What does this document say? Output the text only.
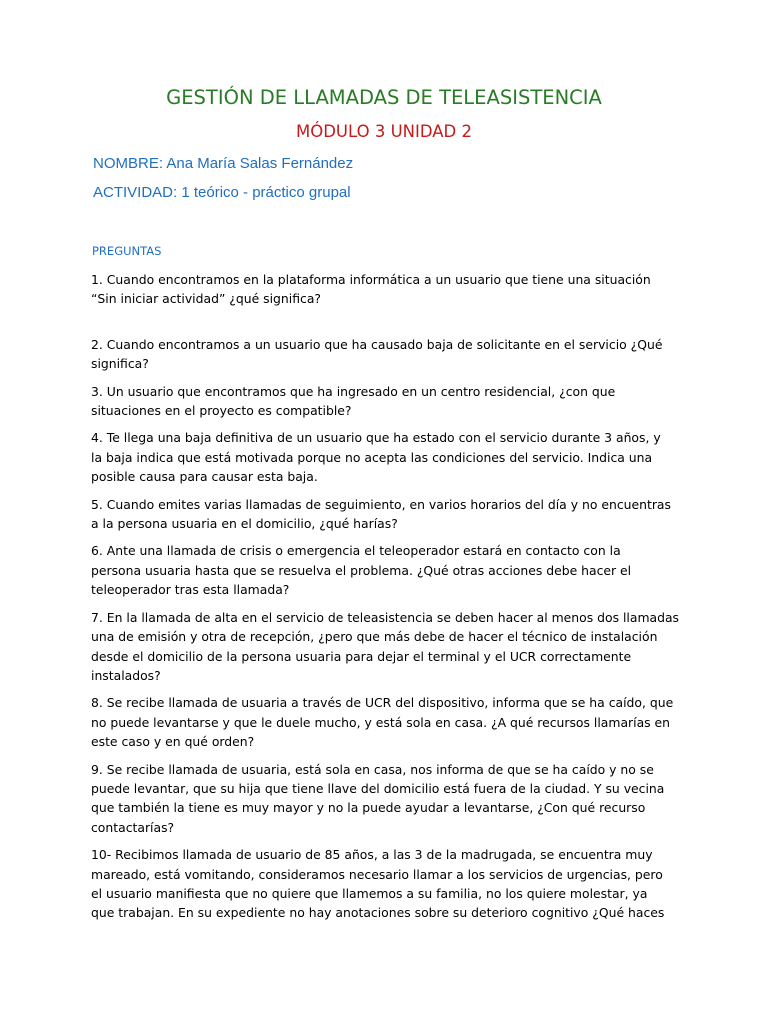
GESTIÓN DE LLAMADAS DE TELEASISTENCIA
MÓDULO 3 UNIDAD 2
NOMBRE: Ana María Salas Fernández
ACTIVIDAD: 1 teórico - práctico grupal
PREGUNTAS

1. Cuando encontramos en la plataforma informática a un usuario que tiene una situación
“Sin iniciar actividad” ¿qué significa?

2. Cuando encontramos a un usuario que ha causado baja de solicitante en el servicio ¿Qué
significa?

3. Un usuario que encontramos que ha ingresado en un centro residencial, ¿con que
situaciones en el proyecto es compatible?

4. Te llega una baja definitiva de un usuario que ha estado con el servicio durante 3 años, y
la baja indica que está motivada porque no acepta las condiciones del servicio. Indica una
posible causa para causar esta baja.

5. Cuando emites varias llamadas de seguimiento, en varios horarios del día y no encuentras
a la persona usuaria en el domicilio, ¿qué harías?

6. Ante una llamada de crisis o emergencia el teleoperador estará en contacto con la
persona usuaria hasta que se resuelva el problema. ¿Qué otras acciones debe hacer el
teleoperador tras esta llamada?

7. En la llamada de alta en el servicio de teleasistencia se deben hacer al menos dos llamadas
una de emisión y otra de recepción, ¿pero que más debe de hacer el técnico de instalación
desde el domicilio de la persona usuaria para dejar el terminal y el UCR correctamente
instalados?

8. Se recibe llamada de usuaria a través de UCR del dispositivo, informa que se ha caído, que
no puede levantarse y que le duele mucho, y está sola en casa. ¿A qué recursos llamarías en
este caso y en qué orden?

9. Se recibe llamada de usuaria, está sola en casa, nos informa de que se ha caído y no se
puede levantar, que su hija que tiene llave del domicilio está fuera de la ciudad. Y su vecina
que también la tiene es muy mayor y no la puede ayudar a levantarse, ¿Con qué recurso
contactarías?

10- Recibimos llamada de usuario de 85 años, a las 3 de la madrugada, se encuentra muy
mareado, está vomitando, consideramos necesario llamar a los servicios de urgencias, pero
el usuario manifiesta que no quiere que llamemos a su familia, no los quiere molestar, ya
que trabajan. En su expediente no hay anotaciones sobre su deterioro cognitivo ¿Qué haces
